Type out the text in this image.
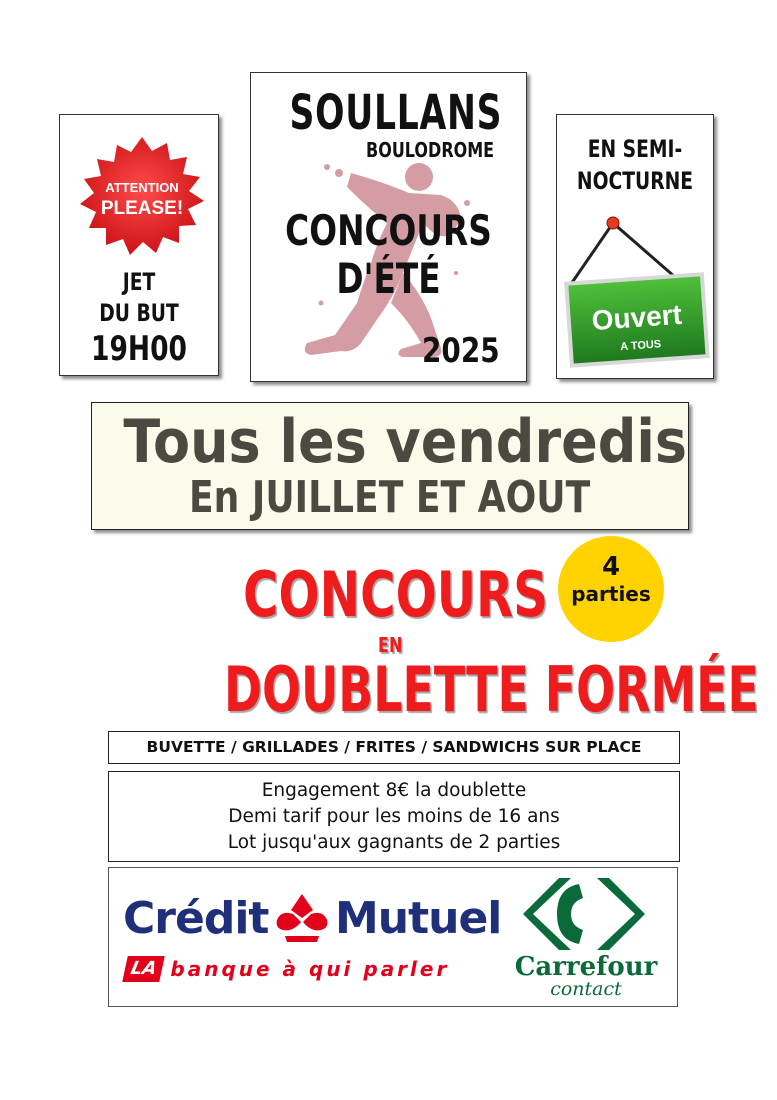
ATTENTION
PLEASE!
JET
DU BUT
19H00
SOULLANS
BOULODROME
CONCOURS
D'ÉTÉ
2025
EN SEMI-
NOCTURNE
Ouvert
A TOUS
Tous les vendredis
En JUILLET ET AOUT
CONCOURS
EN
DOUBLETTE FORMÉE
4
parties
BUVETTE / GRILLADES / FRITES / SANDWICHS SUR PLACE
Engagement 8€ la doublette
Demi tarif pour les moins de 16 ans
Lot jusqu'aux gagnants de 2 parties
Crédit Mutuel
LA banque à qui parler	Carrefour
contact
